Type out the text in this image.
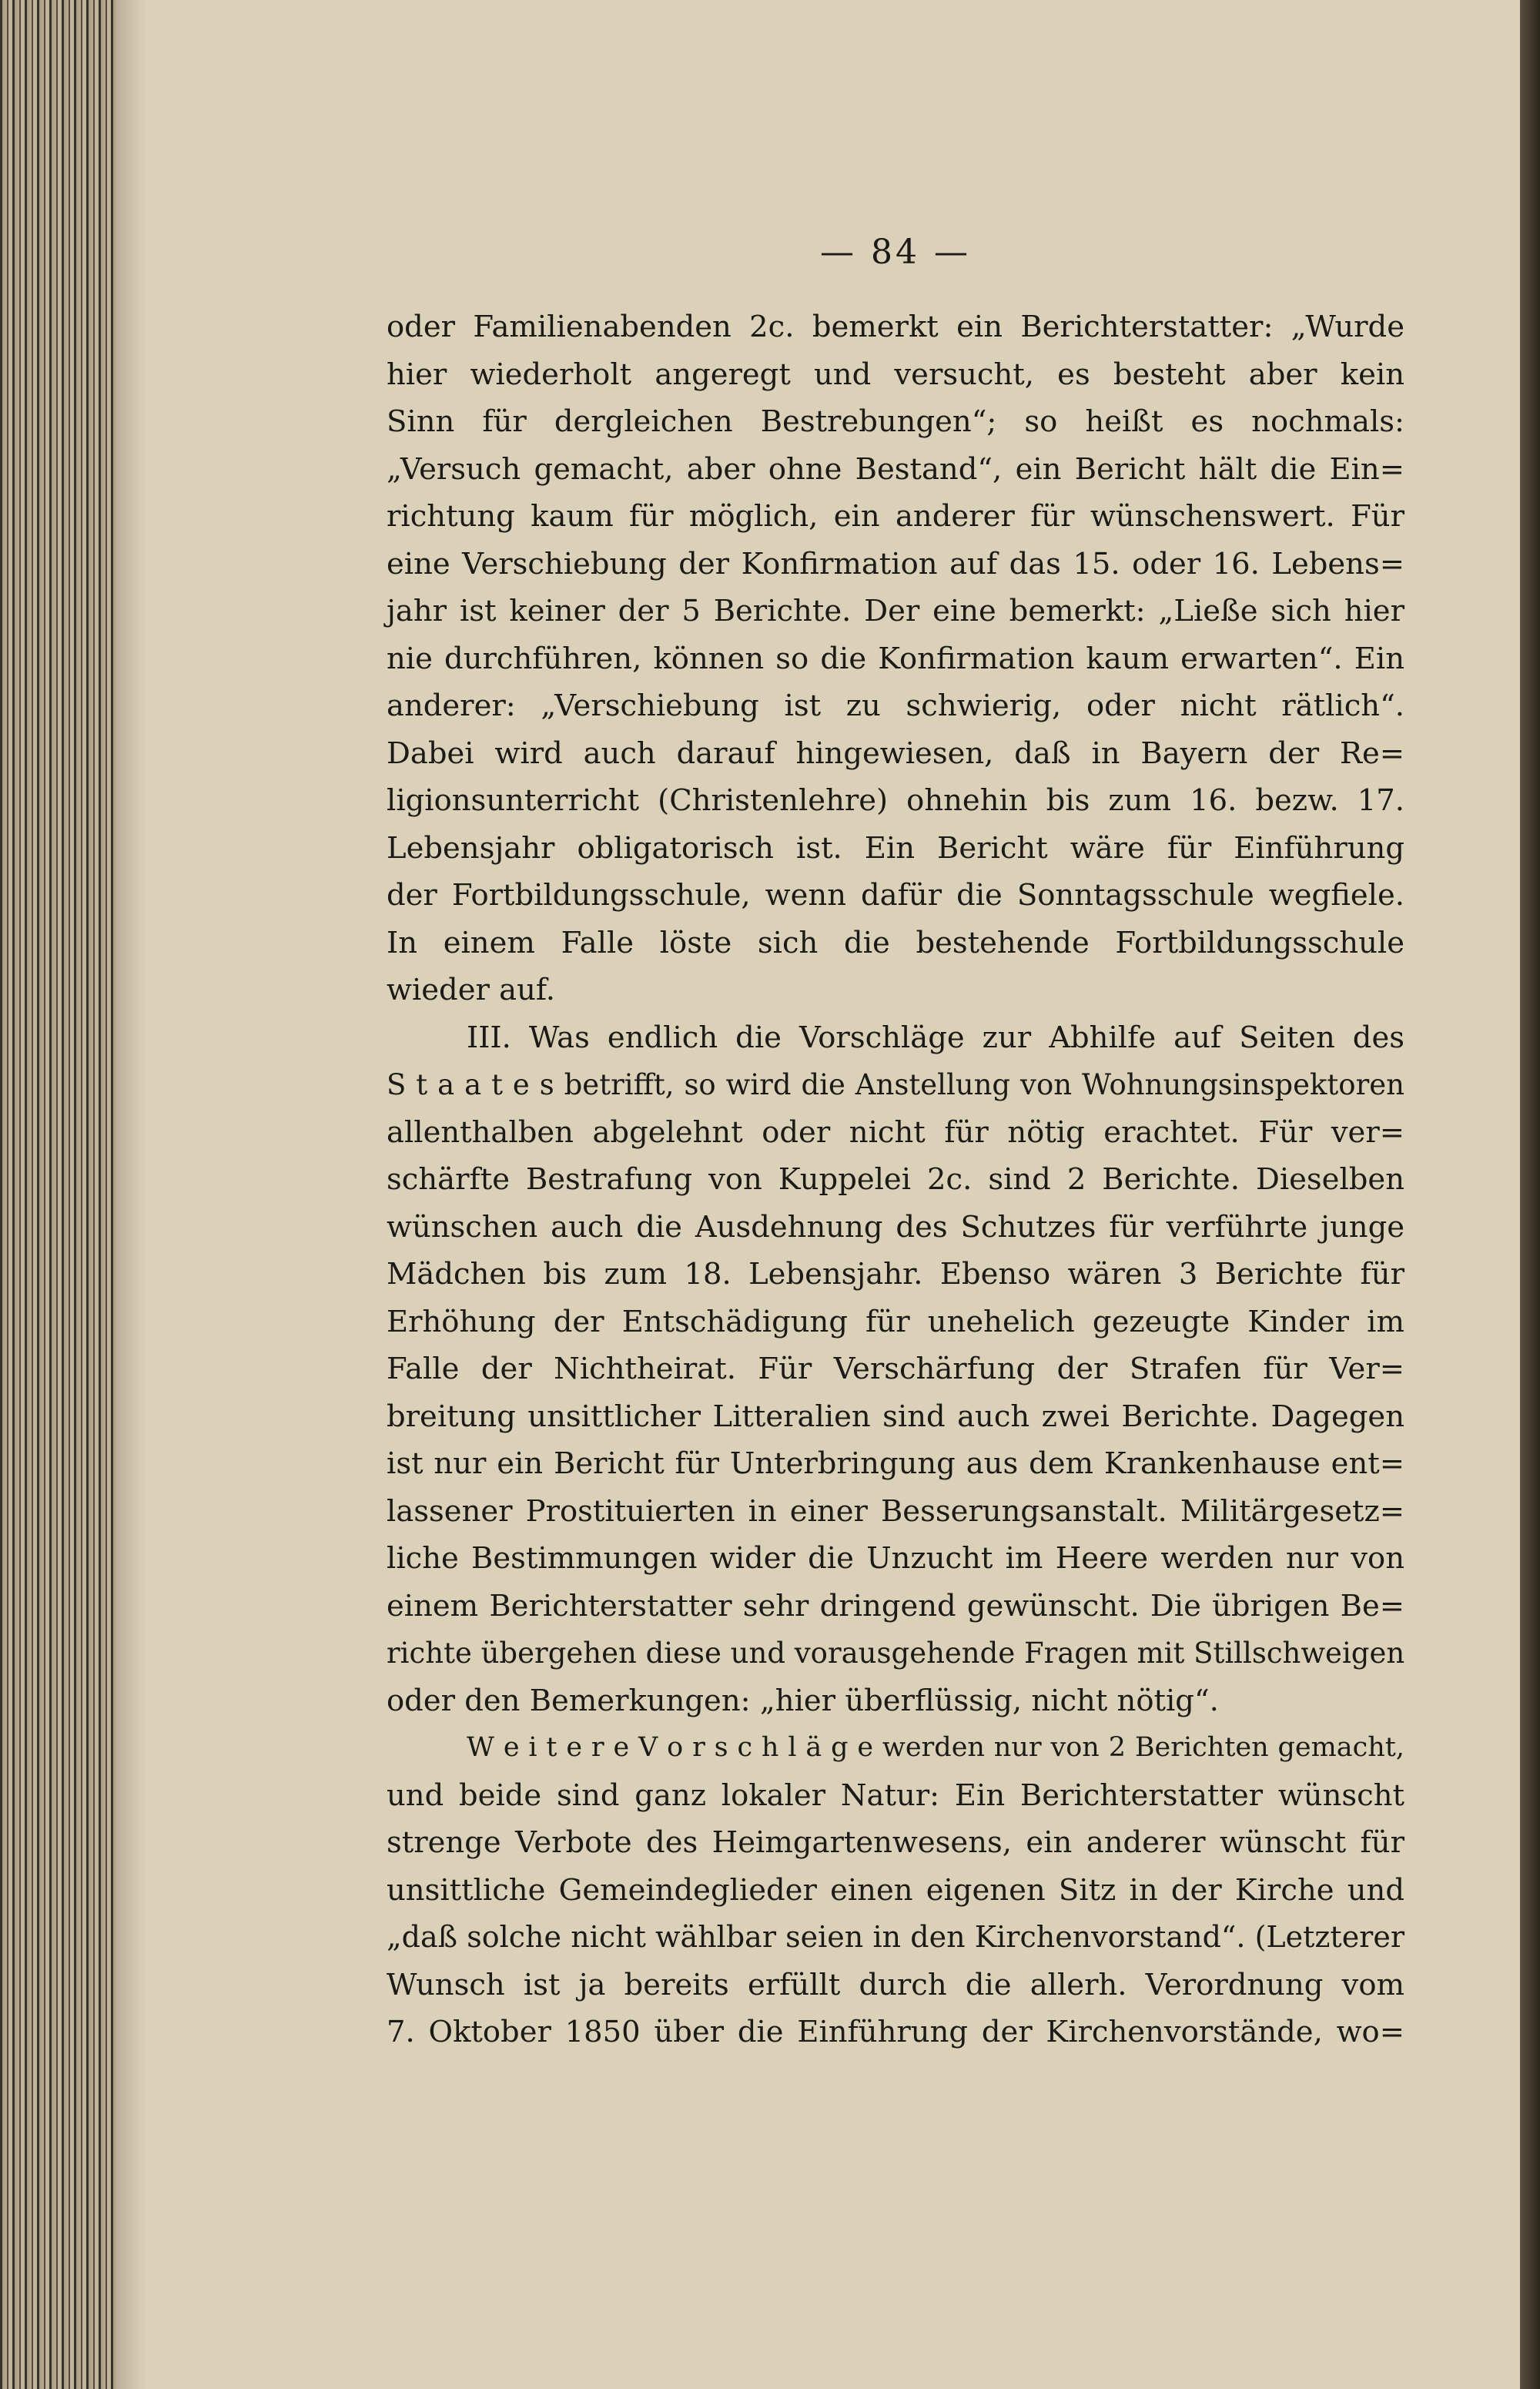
— 84 —
oder Familienabenden 2c. bemerkt ein Berichterstatter: „Wurde
hier wiederholt angeregt und versucht, es besteht aber kein
Sinn für dergleichen Bestrebungen“; so heißt es nochmals:
„Versuch gemacht, aber ohne Bestand“, ein Bericht hält die Ein=
richtung kaum für möglich, ein anderer für wünschenswert. Für
eine Verschiebung der Konfirmation auf das 15. oder 16. Lebens=
jahr ist keiner der 5 Berichte. Der eine bemerkt: „Ließe sich hier
nie durchführen, können so die Konfirmation kaum erwarten“. Ein
anderer: „Verschiebung ist zu schwierig, oder nicht rätlich“.
Dabei wird auch darauf hingewiesen, daß in Bayern der Re=
ligionsunterricht (Christenlehre) ohnehin bis zum 16. bezw. 17.
Lebensjahr obligatorisch ist. Ein Bericht wäre für Einführung
der Fortbildungsschule, wenn dafür die Sonntagsschule wegfiele.
In einem Falle löste sich die bestehende Fortbildungsschule
wieder auf.
III. Was endlich die Vorschläge zur Abhilfe auf Seiten des
S t a a t e s betrifft, so wird die Anstellung von Wohnungsinspektoren
allenthalben abgelehnt oder nicht für nötig erachtet. Für ver=
schärfte Bestrafung von Kuppelei 2c. sind 2 Berichte. Dieselben
wünschen auch die Ausdehnung des Schutzes für verführte junge
Mädchen bis zum 18. Lebensjahr. Ebenso wären 3 Berichte für
Erhöhung der Entschädigung für unehelich gezeugte Kinder im
Falle der Nichtheirat. Für Verschärfung der Strafen für Ver=
breitung unsittlicher Litteralien sind auch zwei Berichte. Dagegen
ist nur ein Bericht für Unterbringung aus dem Krankenhause ent=
lassener Prostituierten in einer Besserungsanstalt. Militärgesetz=
liche Bestimmungen wider die Unzucht im Heere werden nur von
einem Berichterstatter sehr dringend gewünscht. Die übrigen Be=
richte übergehen diese und vorausgehende Fragen mit Stillschweigen
oder den Bemerkungen: „hier überflüssig, nicht nötig“.
W e i t e r e V o r s c h l ä g e werden nur von 2 Berichten gemacht,
und beide sind ganz lokaler Natur: Ein Berichterstatter wünscht
strenge Verbote des Heimgartenwesens, ein anderer wünscht für
unsittliche Gemeindeglieder einen eigenen Sitz in der Kirche und
„daß solche nicht wählbar seien in den Kirchenvorstand“. (Letzterer
Wunsch ist ja bereits erfüllt durch die allerh. Verordnung vom
7. Oktober 1850 über die Einführung der Kirchenvorstände, wo=
